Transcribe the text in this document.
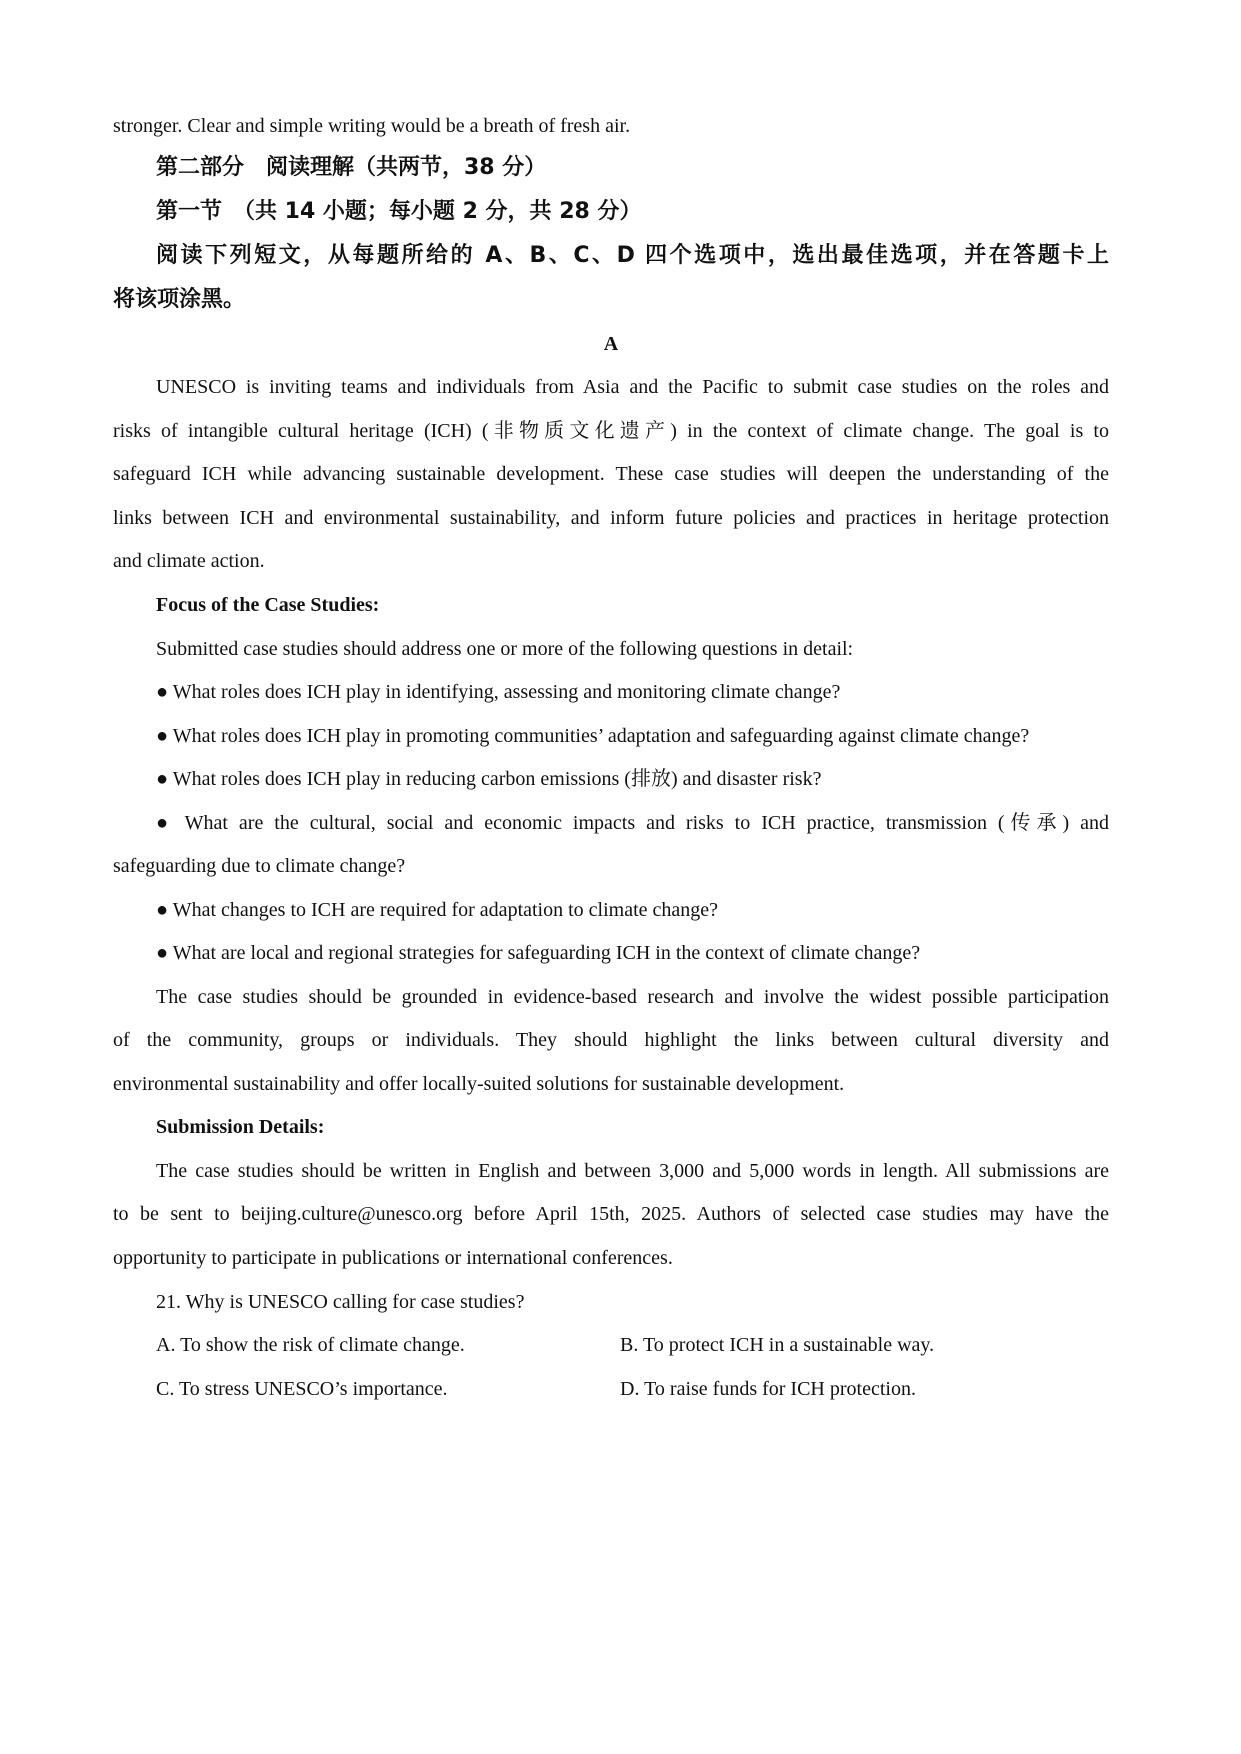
stronger. Clear and simple writing would be a breath of fresh air.
第二部分　阅读理解（共两节，38 分）
第一节　（共 14 小题；每小题 2 分，共 28 分）
阅读下列短文，从每题所给的 A、B、C、D 四个选项中，选出最佳选项，并在答题卡上
将该项涂黑。
A
UNESCO is inviting teams and individuals from Asia and the Pacific to submit case studies on the roles and
risks of intangible cultural heritage (ICH) (非物质文化遗产) in the context of climate change. The goal is to
safeguard ICH while advancing sustainable development. These case studies will deepen the understanding of the
links between ICH and environmental sustainability, and inform future policies and practices in heritage protection
and climate action.
Focus of the Case Studies:
Submitted case studies should address one or more of the following questions in detail:
● What roles does ICH play in identifying, assessing and monitoring climate change?
● What roles does ICH play in promoting communities’ adaptation and safeguarding against climate change?
● What roles does ICH play in reducing carbon emissions (排放) and disaster risk?
● What are the cultural, social and economic impacts and risks to ICH practice, transmission (传承) and
safeguarding due to climate change?
● What changes to ICH are required for adaptation to climate change?
● What are local and regional strategies for safeguarding ICH in the context of climate change?
The case studies should be grounded in evidence-based research and involve the widest possible participation
of the community, groups or individuals. They should highlight the links between cultural diversity and
environmental sustainability and offer locally-suited solutions for sustainable development.
Submission Details:
The case studies should be written in English and between 3,000 and 5,000 words in length. All submissions are
to be sent to beijing.culture@unesco.org before April 15th, 2025. Authors of selected case studies may have the
opportunity to participate in publications or international conferences.
21. Why is UNESCO calling for case studies?
A. To show the risk of climate change.	B. To protect ICH in a sustainable way.
C. To stress UNESCO’s importance.	D. To raise funds for ICH protection.
